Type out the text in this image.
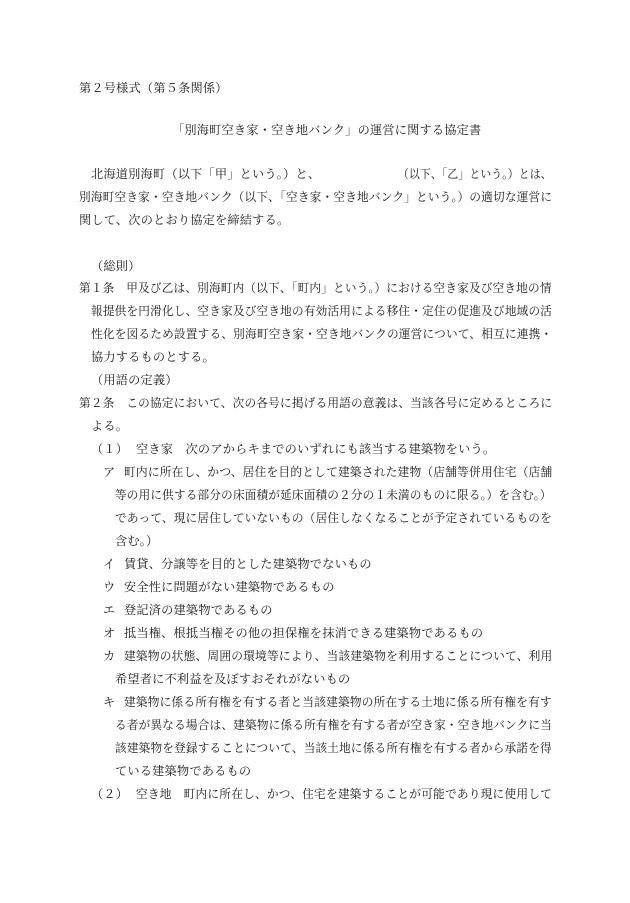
第２号様式（第５条関係）
「別海町空き家・空き地バンク」の運営に関する協定書
北海道別海町（以下「甲」という。）と、	（以下、「乙」という。）とは、
別海町空き家・空き地バンク（以下、「空き家・空き地バンク」という。）の適切な運営に
関して、次のとおり協定を締結する。
（総則）
第１条　甲及び乙は、別海町内（以下、「町内」という。）における空き家及び空き地の情
報提供を円滑化し、空き家及び空き地の有効活用による移住・定住の促進及び地域の活
性化を図るため設置する、別海町空き家・空き地バンクの運営について、相互に連携・
協力するものとする。
（用語の定義）
第２条　この協定において、次の各号に掲げる用語の意義は、当該各号に定めるところに
よる。
（１） 空き家　次のアからキまでのいずれにも該当する建築物をいう。
ア 町内に所在し、かつ、居住を目的として建築された建物（店舗等併用住宅（店舗
等の用に供する部分の床面積が延床面積の２分の１未満のものに限る。）を含む。）
であって、現に居住していないもの（居住しなくなることが予定されているものを
含む。）
イ 賃貸、分譲等を目的とした建築物でないもの
ウ 安全性に問題がない建築物であるもの
エ 登記済の建築物であるもの
オ 抵当権、根抵当権その他の担保権を抹消できる建築物であるもの
カ 建築物の状態、周囲の環境等により、当該建築物を利用することについて、利用
希望者に不利益を及ぼすおそれがないもの
キ 建築物に係る所有権を有する者と当該建築物の所在する土地に係る所有権を有す
る者が異なる場合は、建築物に係る所有権を有する者が空き家・空き地バンクに当
該建築物を登録することについて、当該土地に係る所有権を有する者から承諾を得
ている建築物であるもの
（２） 空き地　町内に所在し、かつ、住宅を建築することが可能であり現に使用して
